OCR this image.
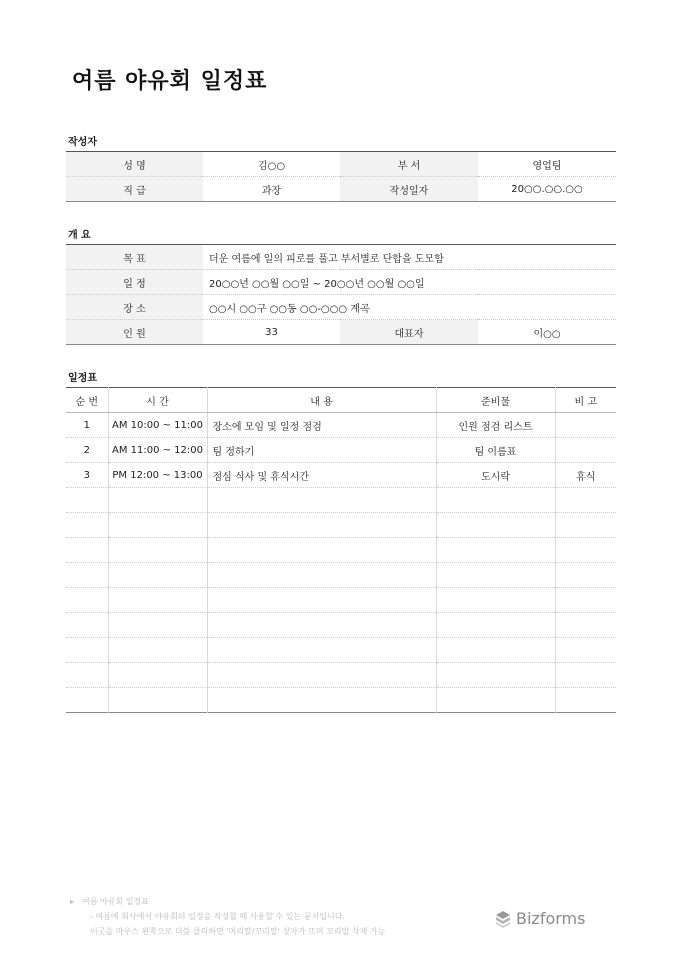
여름 야유회 일정표
작성자
성 명	김○○	부 서	영업팀
직 급	과장	작성일자	20○○.○○.○○
개 요
목 표	더운 여름에 일의 피로를 풀고 부서별로 단합을 도모함		
일 정	20○○년 ○○월 ○○일 ~ 20○○년 ○○월 ○○일		
장 소	○○시 ○○구 ○○동 ○○-○○○ 계곡		
인 원	33	대표자	이○○
일정표
순 번	시 간	내 용	준비물	비 고
1	AM 10:00 ~ 11:00	장소에 모임 및 일정 점검	인원 점검 리스트	
2	AM 11:00 ~ 12:00	팀 정하기	팀 이름표	
3	PM 12:00 ~ 13:00	점심 식사 및 휴식시간	도시락	휴식

▸ 여름 야유회 일정표
- 여름에 회사에서 야유회의 일정을 작성할 때 사용할 수 있는 문서입니다.
이곳을 마우스 왼쪽으로 더블 클릭하면 '머리말/꼬리말' 상자가 뜨며 꼬리말 삭제 가능
Bizforms
